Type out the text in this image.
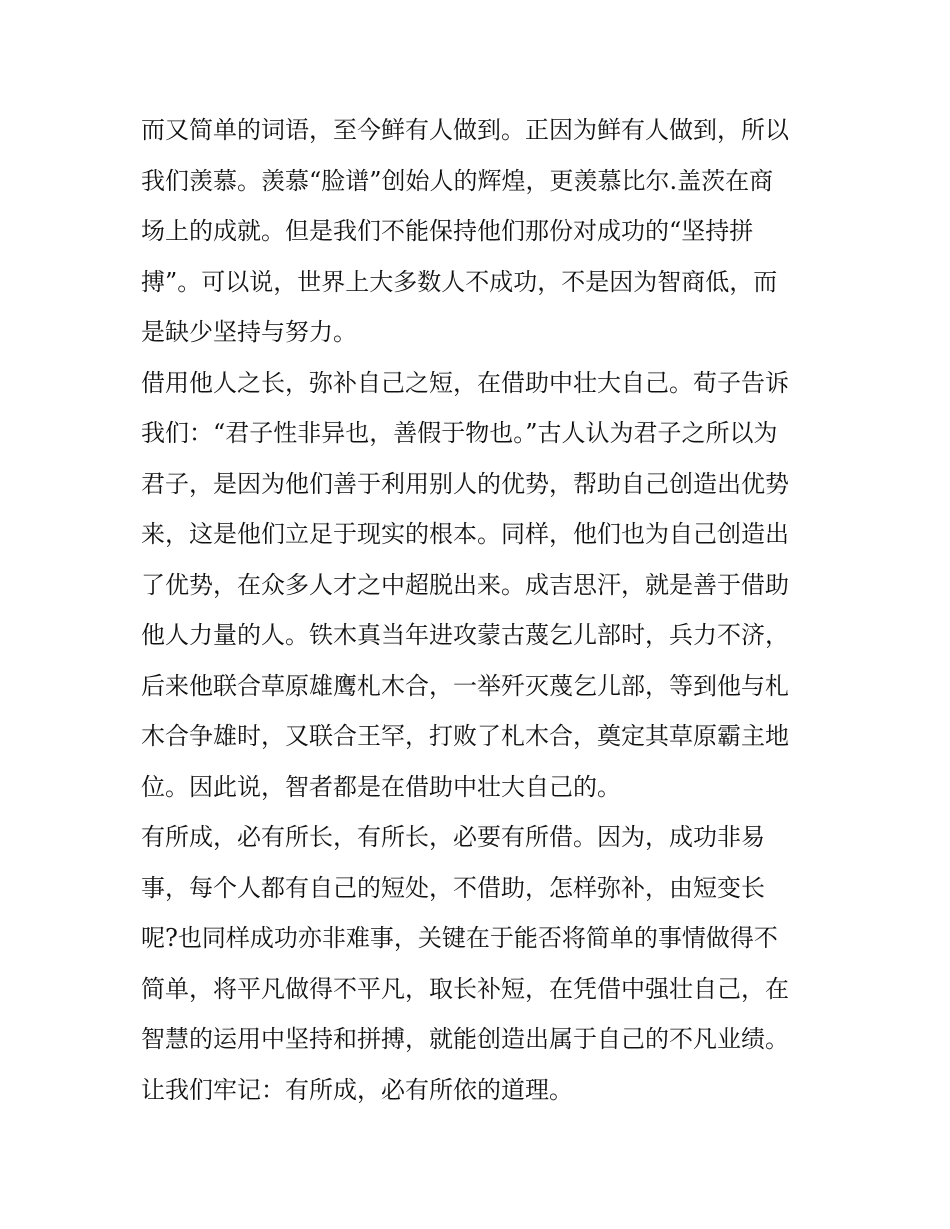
而又简单的词语，至今鲜有人做到。正因为鲜有人做到，所以
我们羡慕。羡慕“脸谱”创始人的辉煌，更羡慕比尔.盖茨在商
场上的成就。但是我们不能保持他们那份对成功的“坚持拼
搏”。可以说，世界上大多数人不成功，不是因为智商低，而
是缺少坚持与努力。
借用他人之长，弥补自己之短，在借助中壮大自己。荀子告诉
我们：“君子性非异也，善假于物也。”古人认为君子之所以为
君子，是因为他们善于利用别人的优势，帮助自己创造出优势
来，这是他们立足于现实的根本。同样，他们也为自己创造出
了优势，在众多人才之中超脱出来。成吉思汗，就是善于借助
他人力量的人。铁木真当年进攻蒙古蔑乞儿部时，兵力不济，
后来他联合草原雄鹰札木合，一举歼灭蔑乞儿部，等到他与札
木合争雄时，又联合王罕，打败了札木合，奠定其草原霸主地
位。因此说，智者都是在借助中壮大自己的。
有所成，必有所长，有所长，必要有所借。因为，成功非易
事，每个人都有自己的短处，不借助，怎样弥补，由短变长
呢?也同样成功亦非难事，关键在于能否将简单的事情做得不
简单，将平凡做得不平凡，取长补短，在凭借中强壮自己，在
智慧的运用中坚持和拼搏，就能创造出属于自己的不凡业绩。
让我们牢记：有所成，必有所依的道理。
